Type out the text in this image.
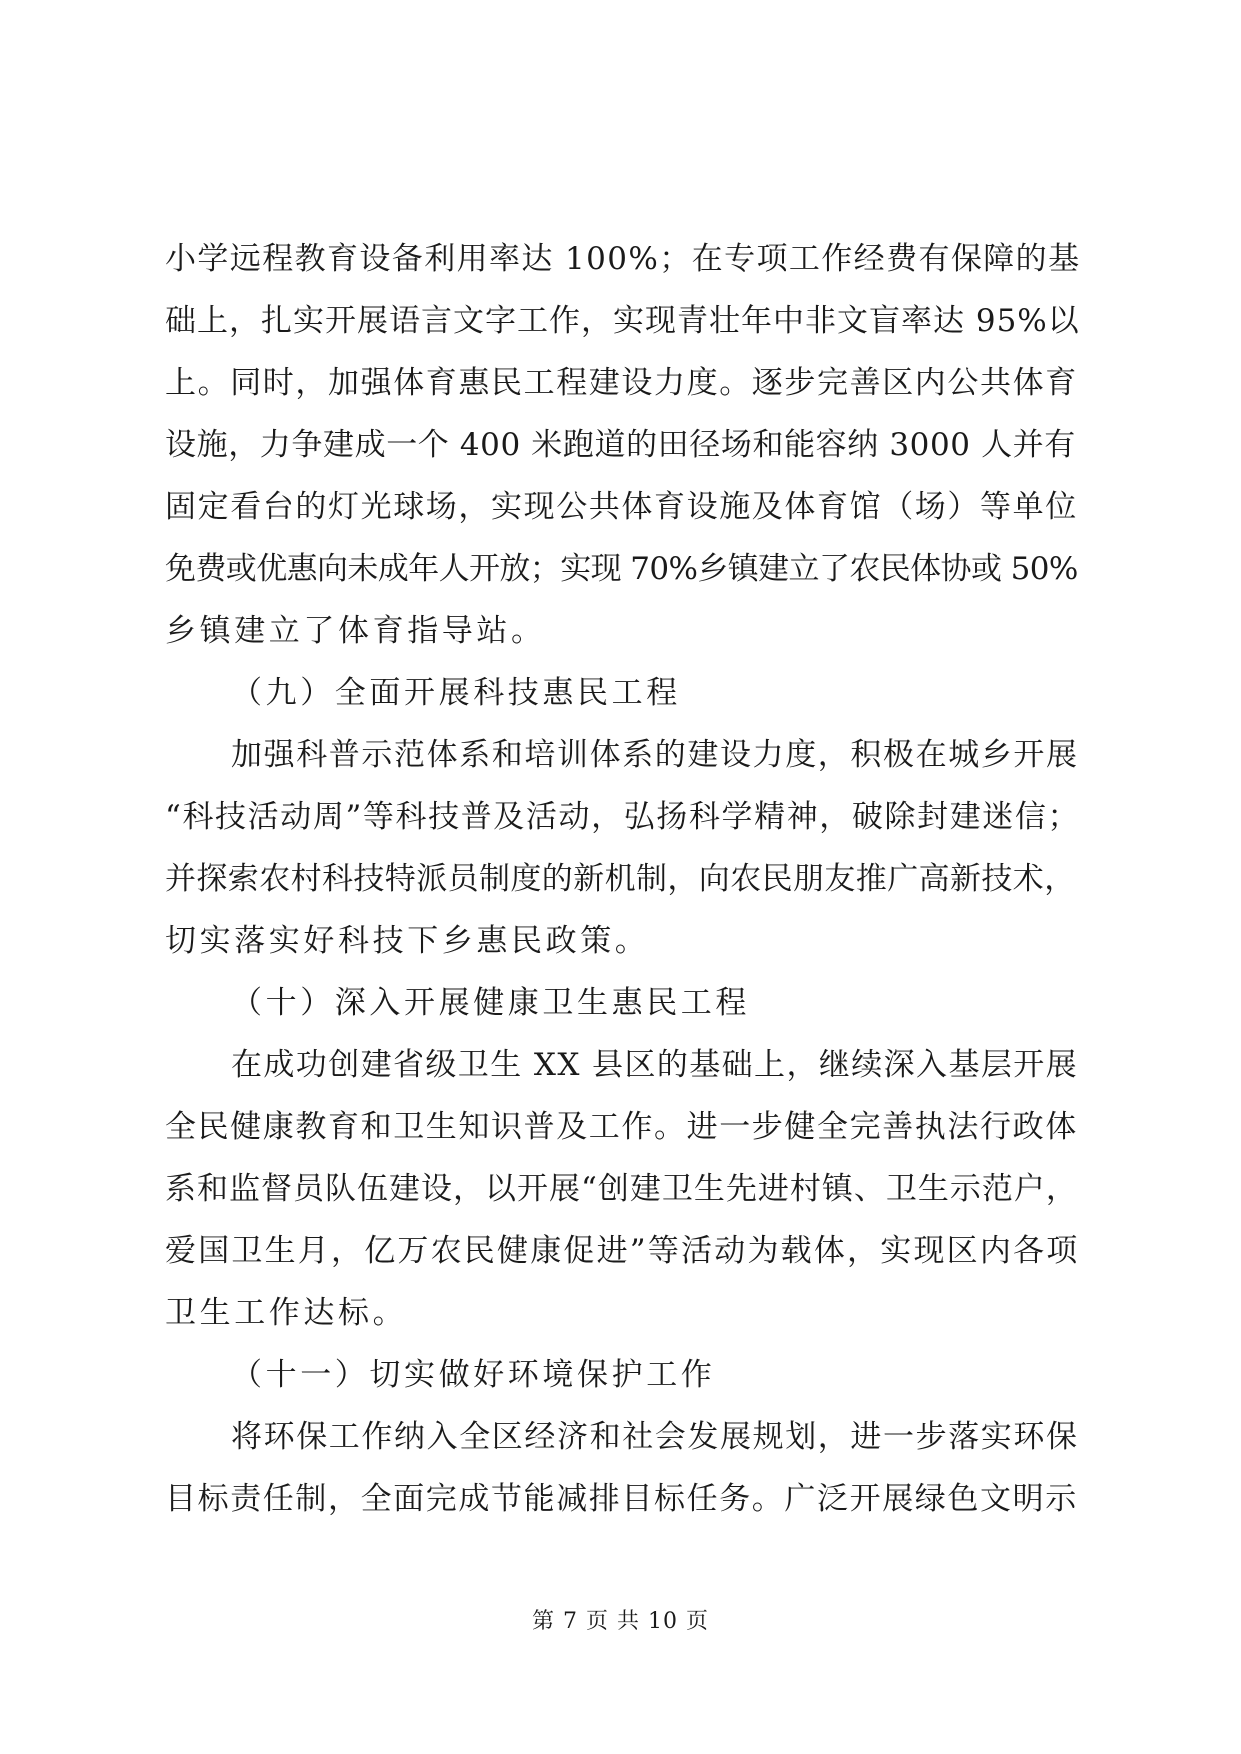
小学远程教育设备利用率达 100%；在专项工作经费有保障的基
础上，扎实开展语言文字工作，实现青壮年中非文盲率达 95%以
上。同时，加强体育惠民工程建设力度。逐步完善区内公共体育
设施，力争建成一个 400 米跑道的田径场和能容纳 3000 人并有
固定看台的灯光球场，实现公共体育设施及体育馆（场）等单位
免费或优惠向未成年人开放；实现 70%乡镇建立了农民体协或 50%
乡镇建立了体育指导站。
（九）全面开展科技惠民工程
加强科普示范体系和培训体系的建设力度，积极在城乡开展
“科技活动周”等科技普及活动，弘扬科学精神，破除封建迷信；
并探索农村科技特派员制度的新机制，向农民朋友推广高新技术，
切实落实好科技下乡惠民政策。
（十）深入开展健康卫生惠民工程
在成功创建省级卫生 XX 县区的基础上，继续深入基层开展
全民健康教育和卫生知识普及工作。进一步健全完善执法行政体
系和监督员队伍建设，以开展“创建卫生先进村镇、卫生示范户，
爱国卫生月，亿万农民健康促进”等活动为载体，实现区内各项
卫生工作达标。
（十一）切实做好环境保护工作
将环保工作纳入全区经济和社会发展规划，进一步落实环保
目标责任制，全面完成节能减排目标任务。广泛开展绿色文明示
第 7 页 共 10 页
